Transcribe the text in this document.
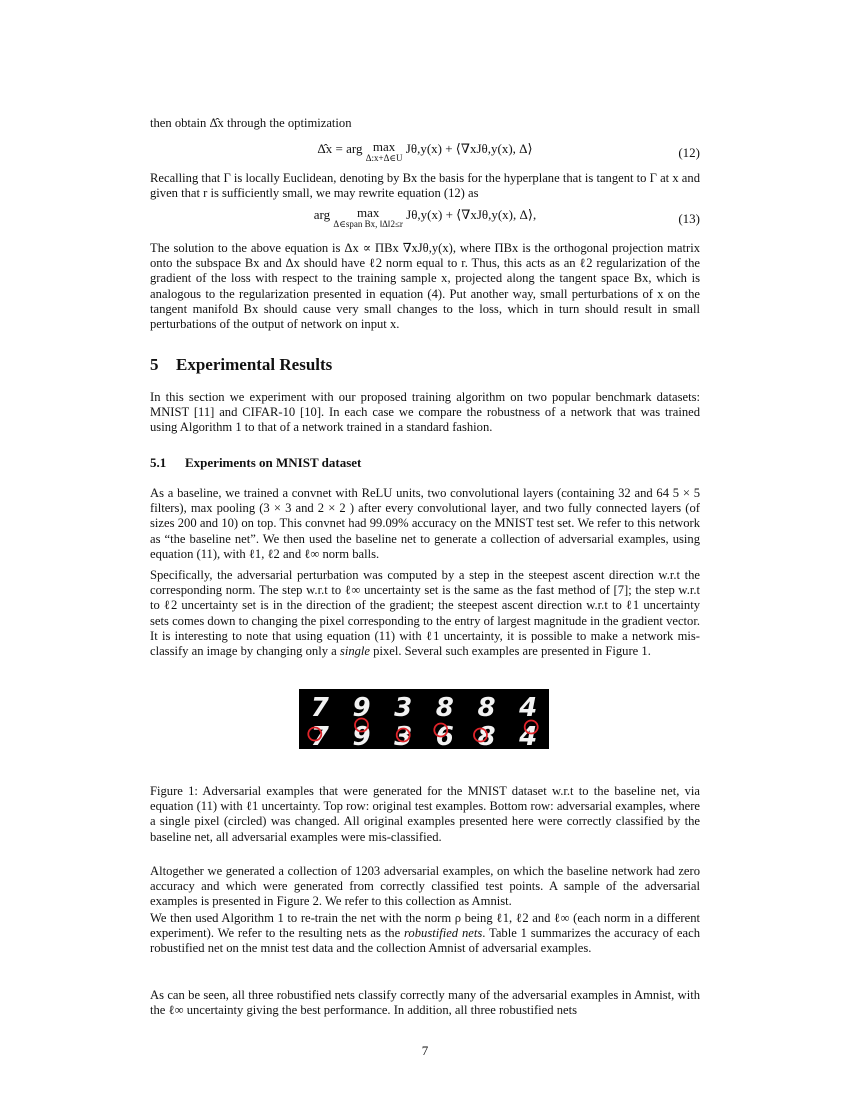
then obtain Δ̂x through the optimization

Δ̂x = arg max
Δ:x+Δ∈U
Jθ,y(x) + ⟨∇xJθ,y(x), Δ⟩	(12)

Recalling that Γ is locally Euclidean, denoting by Bx the basis for the hyperplane that is tangent to Γ at x and given that r is sufficiently small, we may rewrite equation (12) as

arg max
Δ∈span Bx, ‖Δ‖2≤r
Jθ,y(x) + ⟨∇xJθ,y(x), Δ⟩,	(13)

The solution to the above equation is Δx ∝ ΠBx ∇xJθ,y(x), where ΠBx is the orthogonal projection matrix onto the subspace Bx and Δx should have ℓ2 norm equal to r. Thus, this acts as an ℓ2 regularization of the gradient of the loss with respect to the training sample x, projected along the tangent space Bx, which is analogous to the regularization presented in equation (4). Put another way, small perturbations of x on the tangent manifold Bx should cause very small changes to the loss, which in turn should result in small perturbations of the output of network on input x.

5 Experimental Results

In this section we experiment with our proposed training algorithm on two popular benchmark datasets: MNIST [11] and CIFAR-10 [10]. In each case we compare the robustness of a network that was trained using Algorithm 1 to that of a network trained in a standard fashion.

5.1 Experiments on MNIST dataset

As a baseline, we trained a convnet with ReLU units, two convolutional layers (containing 32 and 64 5 × 5 filters), max pooling (3 × 3 and 2 × 2 ) after every convolutional layer, and two fully connected layers (of sizes 200 and 10) on top. This convnet had 99.09% accuracy on the MNIST test set. We refer to this network as “the baseline net”. We then used the baseline net to generate a collection of adversarial examples, using equation (11), with ℓ1, ℓ2 and ℓ∞ norm balls.

Specifically, the adversarial perturbation was computed by a step in the steepest ascent direction w.r.t the corresponding norm. The step w.r.t to ℓ∞ uncertainty set is the same as the fast method of [7]; the step w.r.t to ℓ2 uncertainty set is in the direction of the gradient; the steepest ascent direction w.r.t to ℓ1 uncertainty sets comes down to changing the pixel corresponding to the entry of largest magnitude in the gradient vector. It is interesting to note that using equation (11) with ℓ1 uncertainty, it is possible to make a network mis-classify an image by changing only a single pixel. Several such examples are presented in Figure 1.

7 9 3 8 8 4
7 9 3 6 8 4

Figure 1: Adversarial examples that were generated for the MNIST dataset w.r.t to the baseline net, via equation (11) with ℓ1 uncertainty. Top row: original test examples. Bottom row: adversarial examples, where a single pixel (circled) was changed. All original examples presented here were correctly classified by the baseline net, all adversarial examples were mis-classified.

Altogether we generated a collection of 1203 adversarial examples, on which the baseline network had zero accuracy and which were generated from correctly classified test points. A sample of the adversarial examples is presented in Figure 2. We refer to this collection as Amnist.

We then used Algorithm 1 to re-train the net with the norm ρ being ℓ1, ℓ2 and ℓ∞ (each norm in a different experiment). We refer to the resulting nets as the robustified nets. Table 1 summarizes the accuracy of each robustified net on the mnist test data and the collection Amnist of adversarial examples.

As can be seen, all three robustified nets classify correctly many of the adversarial examples in Amnist, with the ℓ∞ uncertainty giving the best performance. In addition, all three robustified nets

7
